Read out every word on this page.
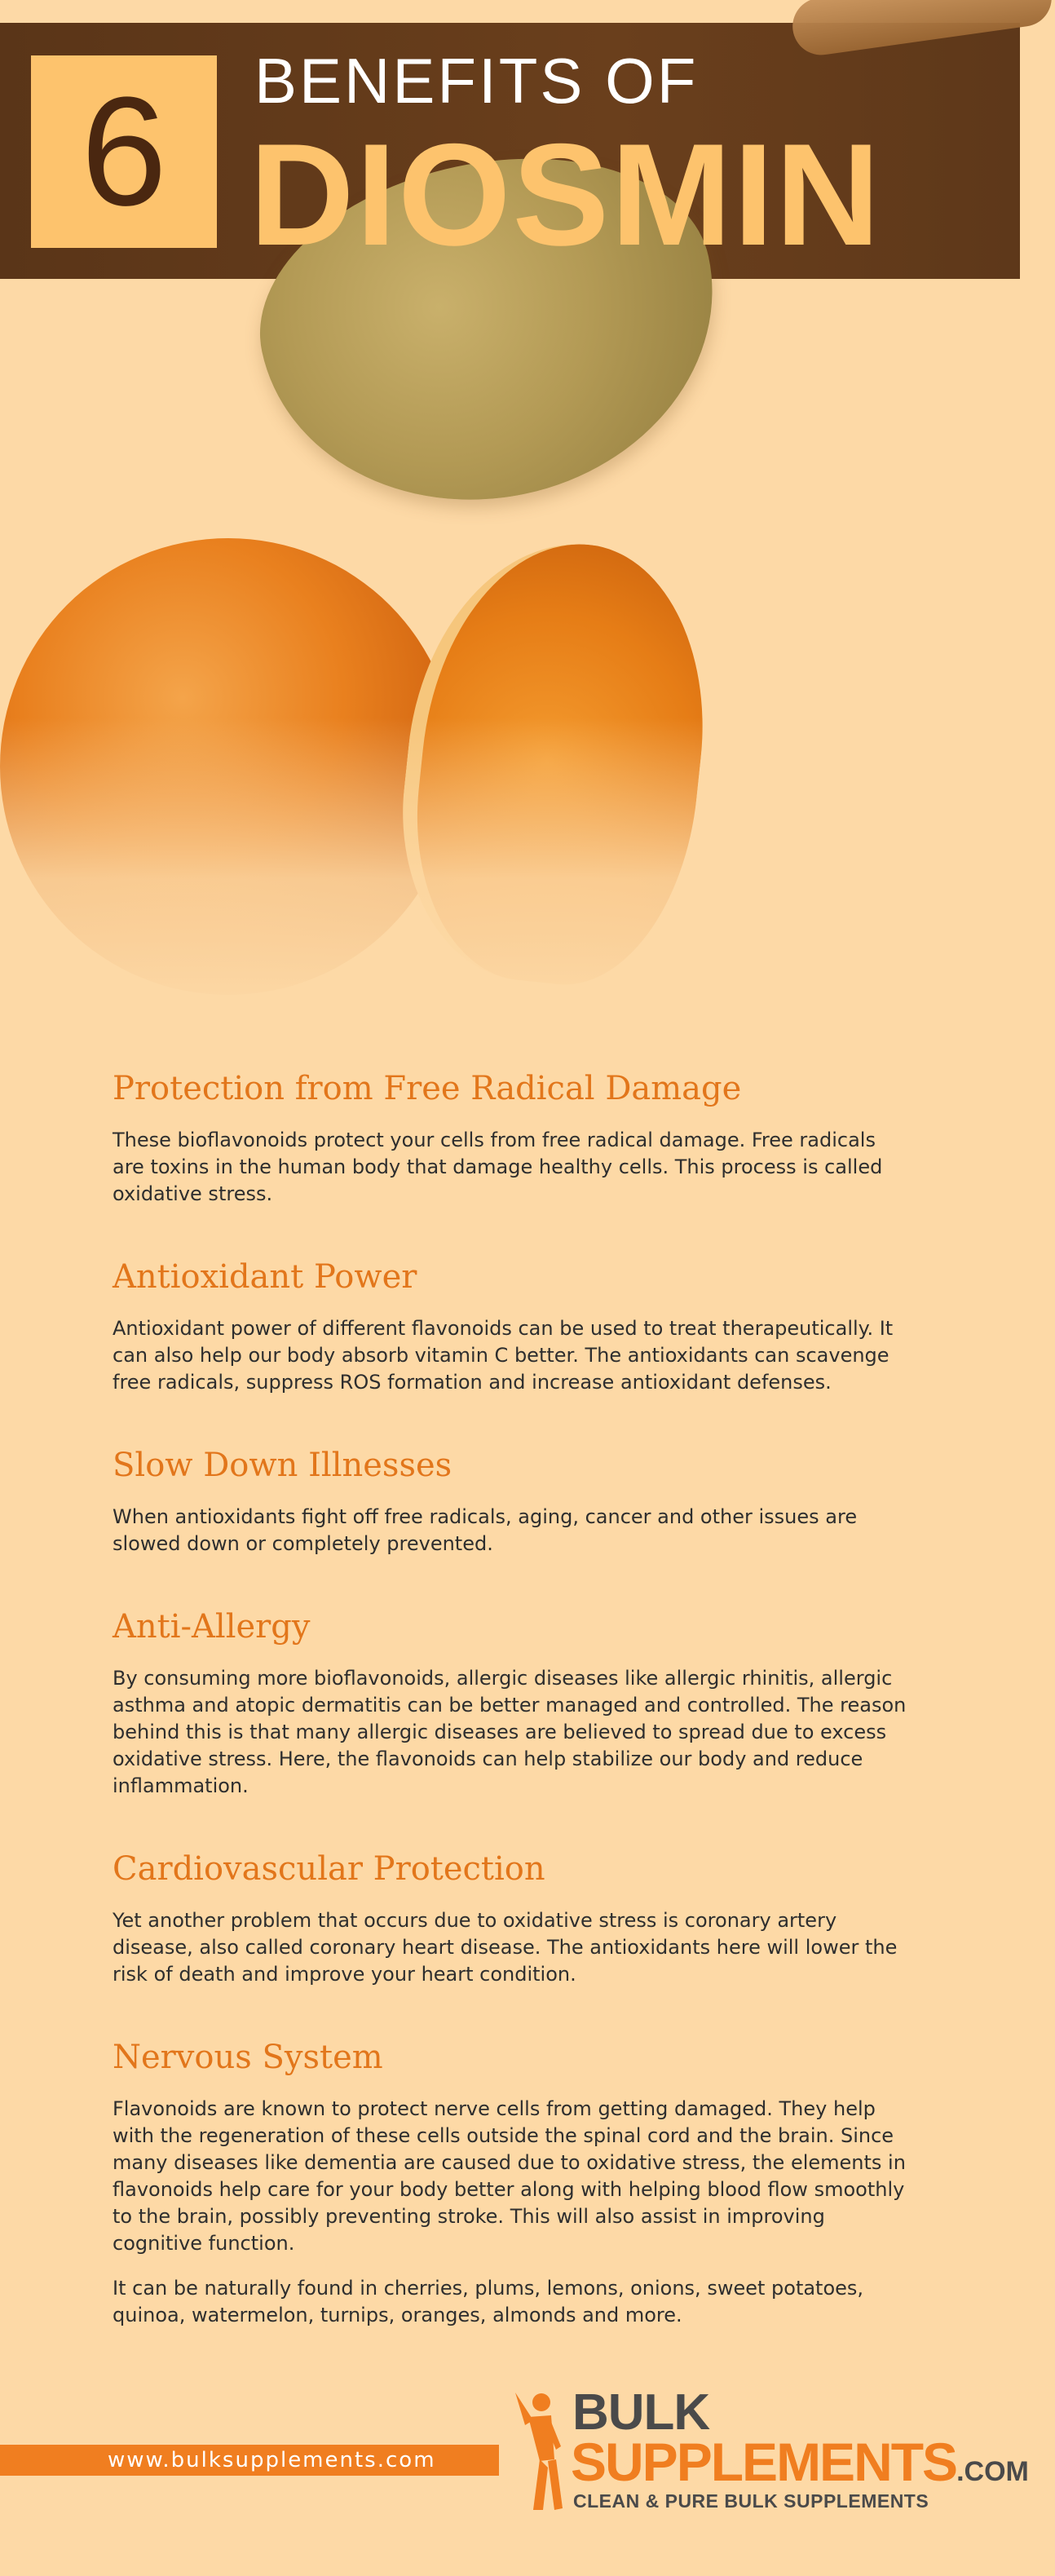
6 BENEFITS OF
DIOSMIN
Protection from Free Radical Damage

These bioflavonoids protect your cells from free radical damage. Free radicals are toxins in the human body that damage healthy cells. This process is called oxidative stress.

Antioxidant Power

Antioxidant power of different flavonoids can be used to treat therapeutically. It can also help our body absorb vitamin C better. The antioxidants can scavenge free radicals, suppress ROS formation and increase antioxidant defenses.

Slow Down Illnesses

When antioxidants fight off free radicals, aging, cancer and other issues are slowed down or completely prevented.

Anti-Allergy

By consuming more bioflavonoids, allergic diseases like allergic rhinitis, allergic asthma and atopic dermatitis can be better managed and controlled. The reason behind this is that many allergic diseases are believed to spread due to excess oxidative stress. Here, the flavonoids can help stabilize our body and reduce inflammation.

Cardiovascular Protection

Yet another problem that occurs due to oxidative stress is coronary artery disease, also called coronary heart disease. The antioxidants here will lower the risk of death and improve your heart condition.

Nervous System

Flavonoids are known to protect nerve cells from getting damaged. They help with the regeneration of these cells outside the spinal cord and the brain. Since many diseases like dementia are caused due to oxidative stress, the elements in flavonoids help care for your body better along with helping blood flow smoothly to the brain, possibly preventing stroke. This will also assist in improving cognitive function.

It can be naturally found in cherries, plums, lemons, onions, sweet potatoes, quinoa, watermelon, turnips, oranges, almonds and more.

www.bulksupplements.com
BULK
SUPPLEMENTS.COM
CLEAN & PURE BULK SUPPLEMENTS
